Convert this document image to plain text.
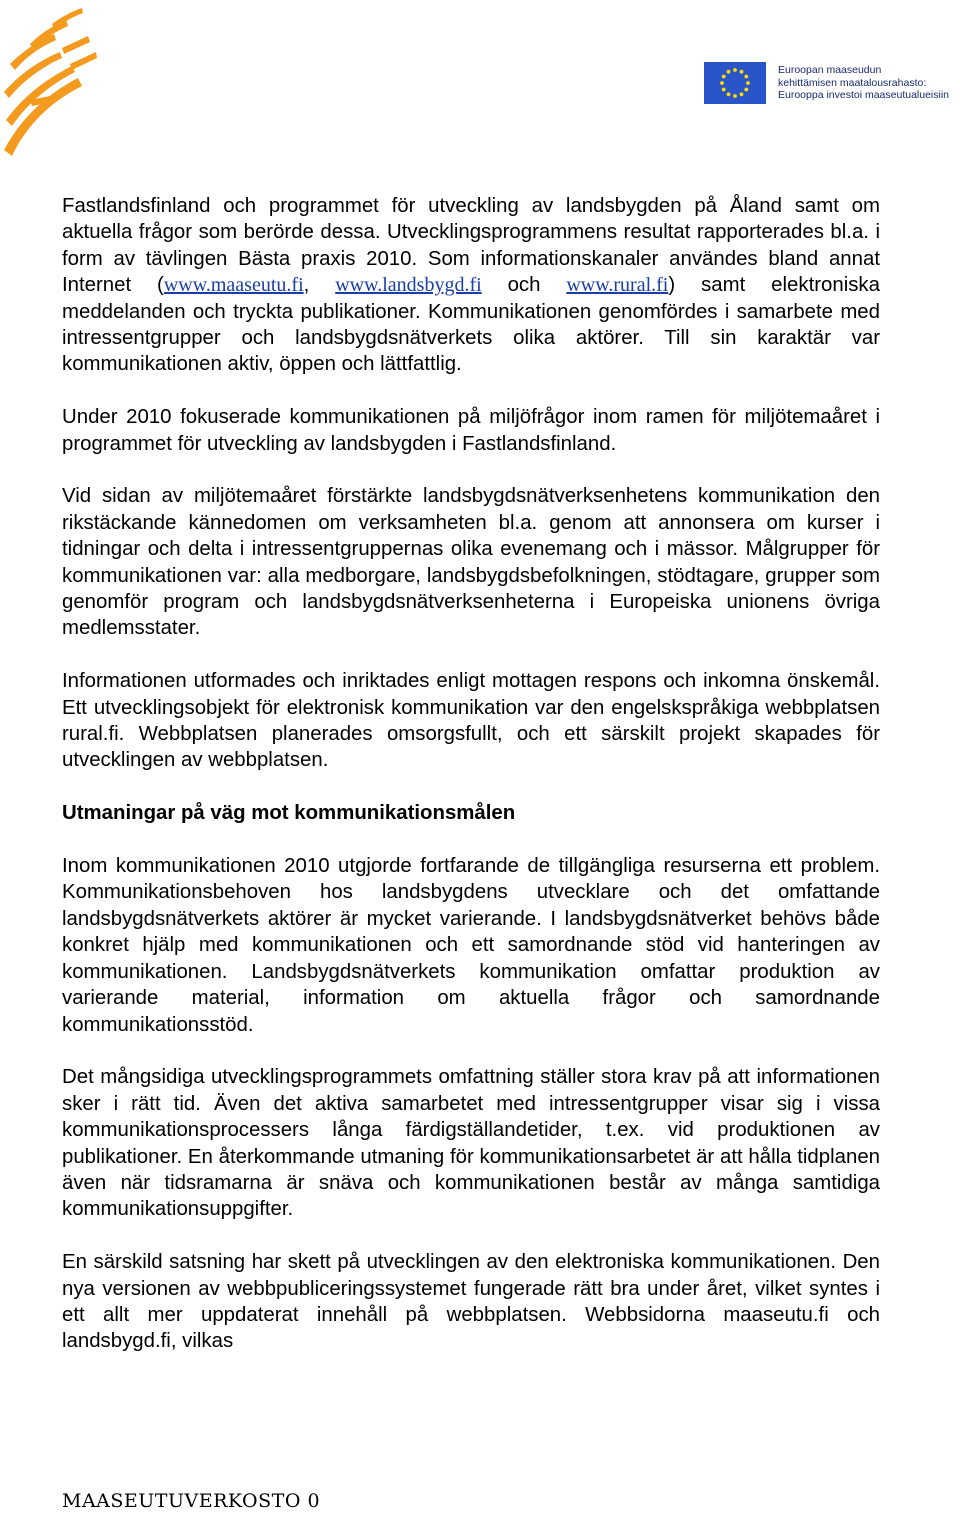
Euroopan maaseudun
kehittämisen maatalousrahasto:
Eurooppa investoi maaseutualueisiin

Fastlandsfinland och programmet för utveckling av landsbygden på Åland samt om aktuella frågor som berörde dessa. Utvecklingsprogrammens resultat rapporterades bl.a. i form av tävlingen Bästa praxis 2010. Som informationskanaler användes bland annat Internet (www.maaseutu.fi, www.landsbygd.fi och www.rural.fi) samt elektroniska meddelanden och tryckta publikationer. Kommunikationen genomfördes i samarbete med intressentgrupper och landsbygdsnätverkets olika aktörer. Till sin karaktär var kommunikationen aktiv, öppen och lättfattlig.

Under 2010 fokuserade kommunikationen på miljöfrågor inom ramen för miljötemaåret i programmet för utveckling av landsbygden i Fastlandsfinland.

Vid sidan av miljötemaåret förstärkte landsbygdsnätverksenhetens kommunikation den rikstäckande kännedomen om verksamheten bl.a. genom att annonsera om kurser i tidningar och delta i intressentgruppernas olika evenemang och i mässor. Målgrupper för kommunikationen var: alla medborgare, landsbygdsbefolkningen, stödtagare, grupper som genomför program och landsbygdsnätverksenheterna i Europeiska unionens övriga medlemsstater.

Informationen utformades och inriktades enligt mottagen respons och inkomna önskemål. Ett utvecklingsobjekt för elektronisk kommunikation var den engelskspråkiga webbplatsen rural.fi. Webbplatsen planerades omsorgsfullt, och ett särskilt projekt skapades för utvecklingen av webbplatsen.

Utmaningar på väg mot kommunikationsmålen

Inom kommunikationen 2010 utgjorde fortfarande de tillgängliga resurserna ett problem. Kommunikationsbehoven hos landsbygdens utvecklare och det omfattande landsbygdsnätverkets aktörer är mycket varierande. I landsbygdsnätverket behövs både konkret hjälp med kommunikationen och ett samordnande stöd vid hanteringen av kommunikationen. Landsbygdsnätverkets kommunikation omfattar produktion av varierande material, information om aktuella frågor och samordnande kommunikationsstöd.

Det mångsidiga utvecklingsprogrammets omfattning ställer stora krav på att informationen sker i rätt tid. Även det aktiva samarbetet med intressentgrupper visar sig i vissa kommunikationsprocessers långa färdigställandetider, t.ex. vid produktionen av publikationer. En återkommande utmaning för kommunikationsarbetet är att hålla tidplanen även när tidsramarna är snäva och kommunikationen består av många samtidiga kommunikationsuppgifter.

En särskild satsning har skett på utvecklingen av den elektroniska kommunikationen. Den nya versionen av webbpubliceringssystemet fungerade rätt bra under året, vilket syntes i ett allt mer uppdaterat innehåll på webbplatsen. Webbsidorna maaseutu.fi och landsbygd.fi, vilkas

MAASEUTUVERKOSTO 0
